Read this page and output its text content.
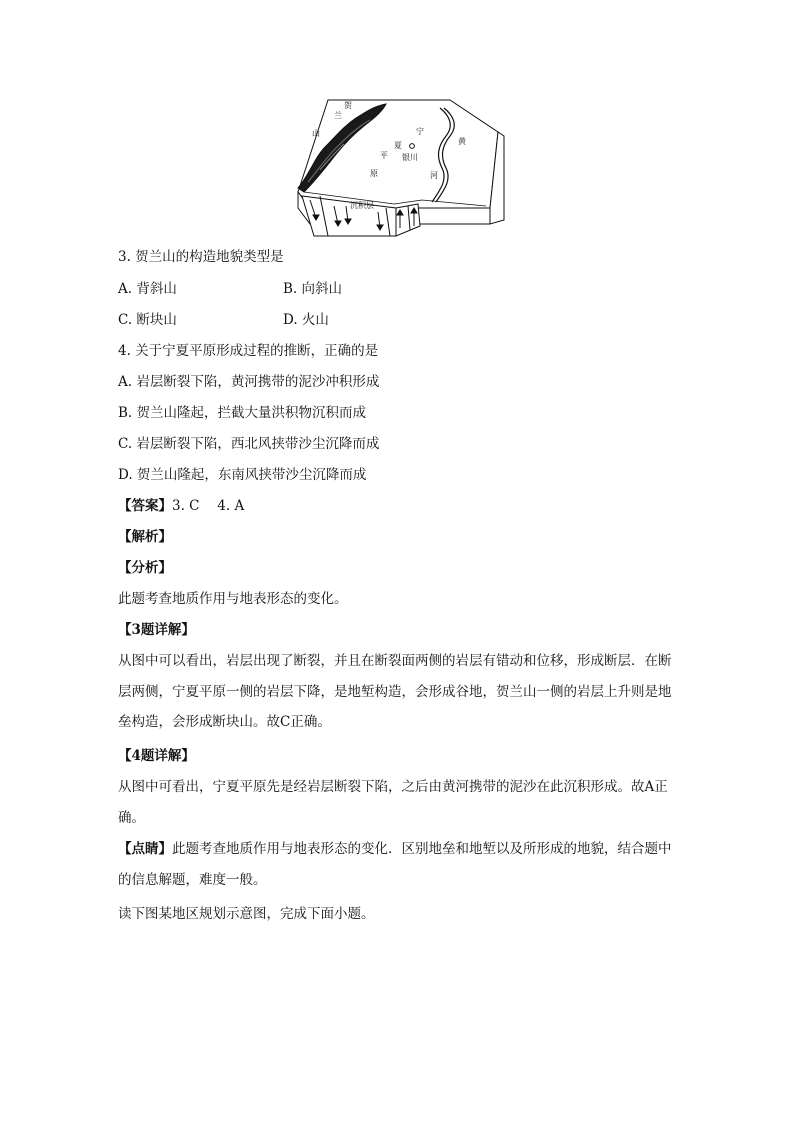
贺
兰
山	宁
夏
银川
平
原
黄
河
沉积层
3. 贺兰山的构造地貌类型是
A. 背斜山	B. 向斜山
C. 断块山	D. 火山
4. 关于宁夏平原形成过程的推断，正确的是
A. 岩层断裂下陷，黄河携带的泥沙冲积形成
B. 贺兰山隆起，拦截大量洪积物沉积而成
C. 岩层断裂下陷，西北风挟带沙尘沉降而成
D. 贺兰山隆起，东南风挟带沙尘沉降而成
【答案】3. C　 4. A
【解析】
【分析】
此题考查地质作用与地表形态的变化。
【3题详解】
从图中可以看出，岩层出现了断裂，并且在断裂面两侧的岩层有错动和位移，形成断层．在断层两侧，宁夏平原一侧的岩层下降，是地堑构造，会形成谷地，贺兰山一侧的岩层上升则是地垒构造，会形成断块山。故C正确。
【4题详解】
从图中可看出，宁夏平原先是经岩层断裂下陷，之后由黄河携带的泥沙在此沉积形成。故A正确。
【点睛】此题考查地质作用与地表形态的变化．区别地垒和地堑以及所形成的地貌，结合题中的信息解题，难度一般。
读下图某地区规划示意图，完成下面小题。
